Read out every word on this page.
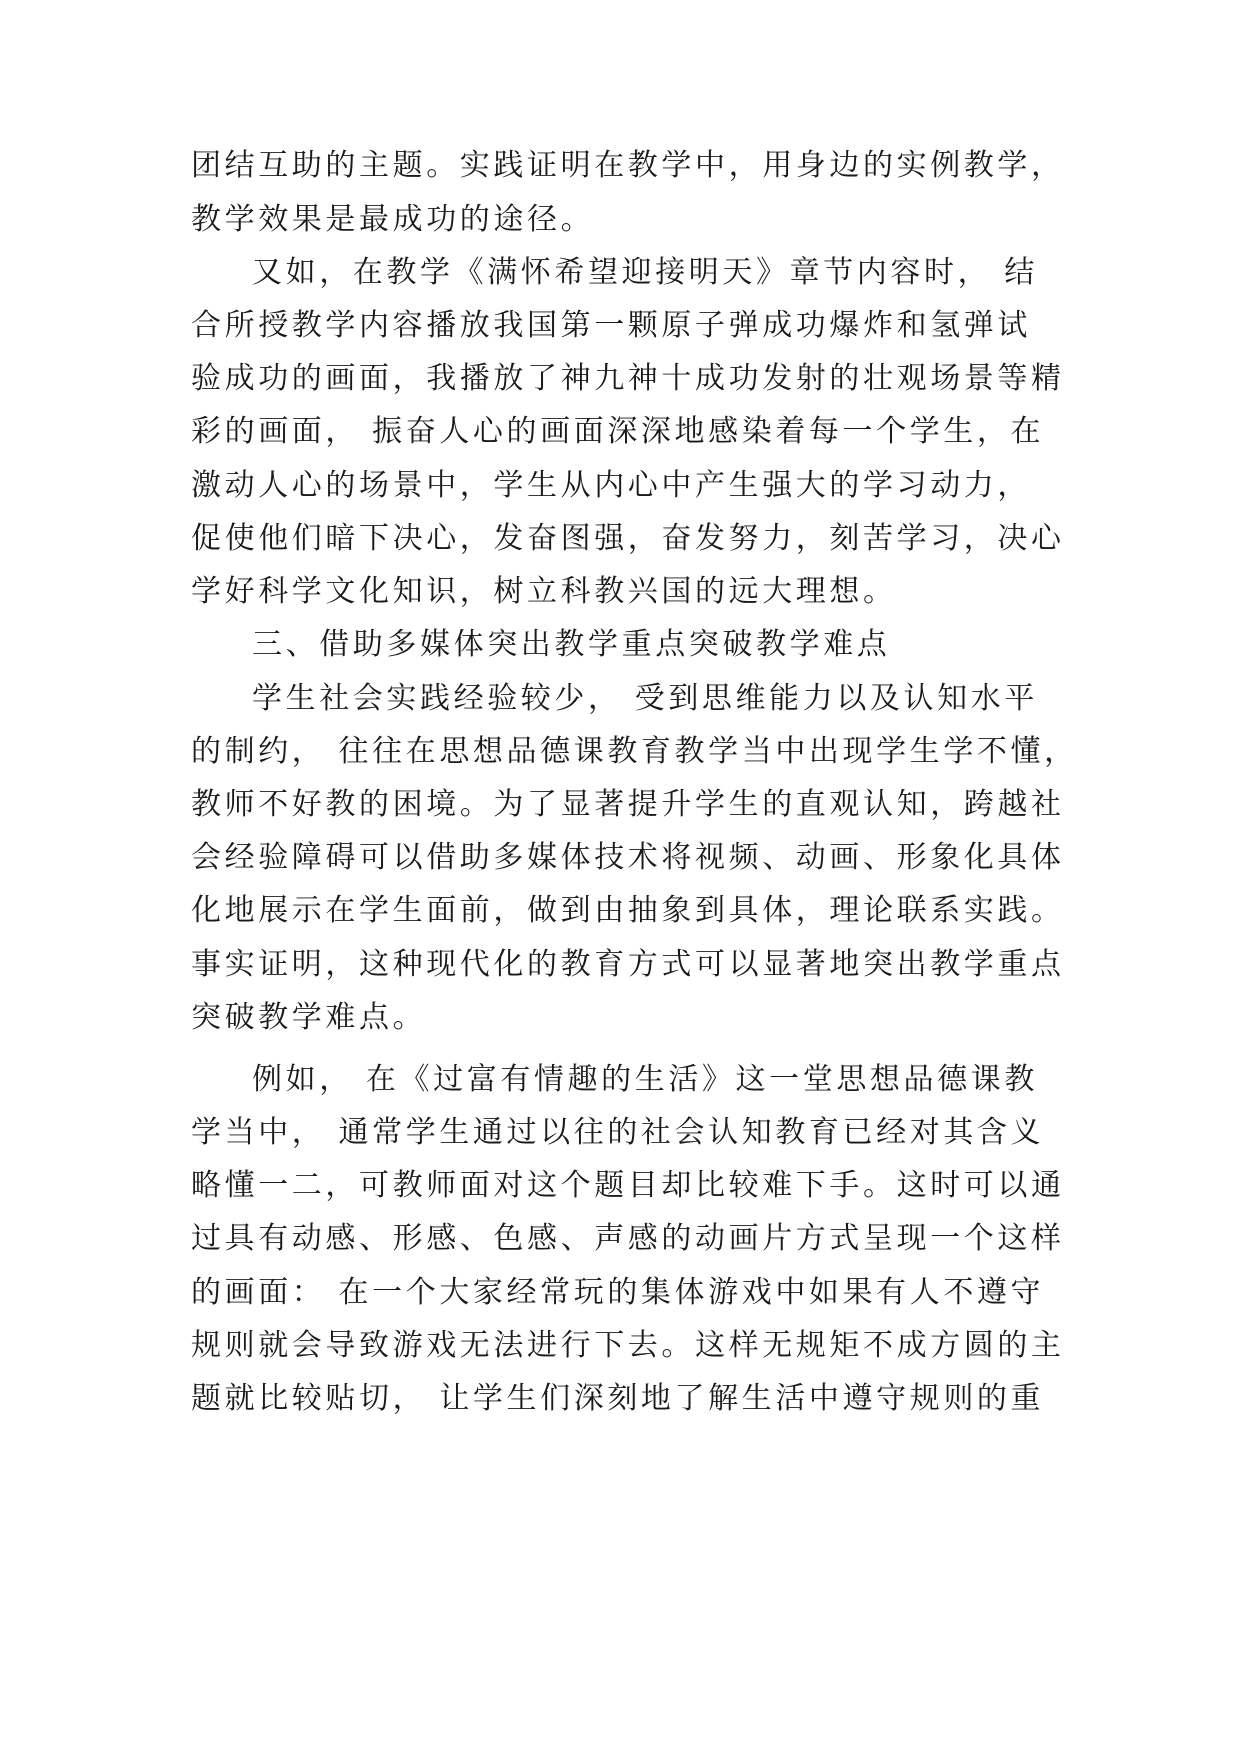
团结互助的主题。实践证明在教学中，用身边的实例教学，
教学效果是最成功的途径。
又如，在教学《满怀希望迎接明天》章节内容时， 结
合所授教学内容播放我国第一颗原子弹成功爆炸和氢弹试
验成功的画面，我播放了神九神十成功发射的壮观场景等精
彩的画面， 振奋人心的画面深深地感染着每一个学生，在
激动人心的场景中，学生从内心中产生强大的学习动力，
促使他们暗下决心，发奋图强，奋发努力，刻苦学习，决心
学好科学文化知识，树立科教兴国的远大理想。
三、借助多媒体突出教学重点突破教学难点
学生社会实践经验较少， 受到思维能力以及认知水平
的制约， 往往在思想品德课教育教学当中出现学生学不懂，
教师不好教的困境。为了显著提升学生的直观认知，跨越社
会经验障碍可以借助多媒体技术将视频、动画、形象化具体
化地展示在学生面前，做到由抽象到具体，理论联系实践。
事实证明，这种现代化的教育方式可以显著地突出教学重点
突破教学难点。
例如， 在《过富有情趣的生活》这一堂思想品德课教
学当中， 通常学生通过以往的社会认知教育已经对其含义
略懂一二，可教师面对这个题目却比较难下手。这时可以通
过具有动感、形感、色感、声感的动画片方式呈现一个这样
的画面： 在一个大家经常玩的集体游戏中如果有人不遵守
规则就会导致游戏无法进行下去。这样无规矩不成方圆的主
题就比较贴切， 让学生们深刻地了解生活中遵守规则的重
